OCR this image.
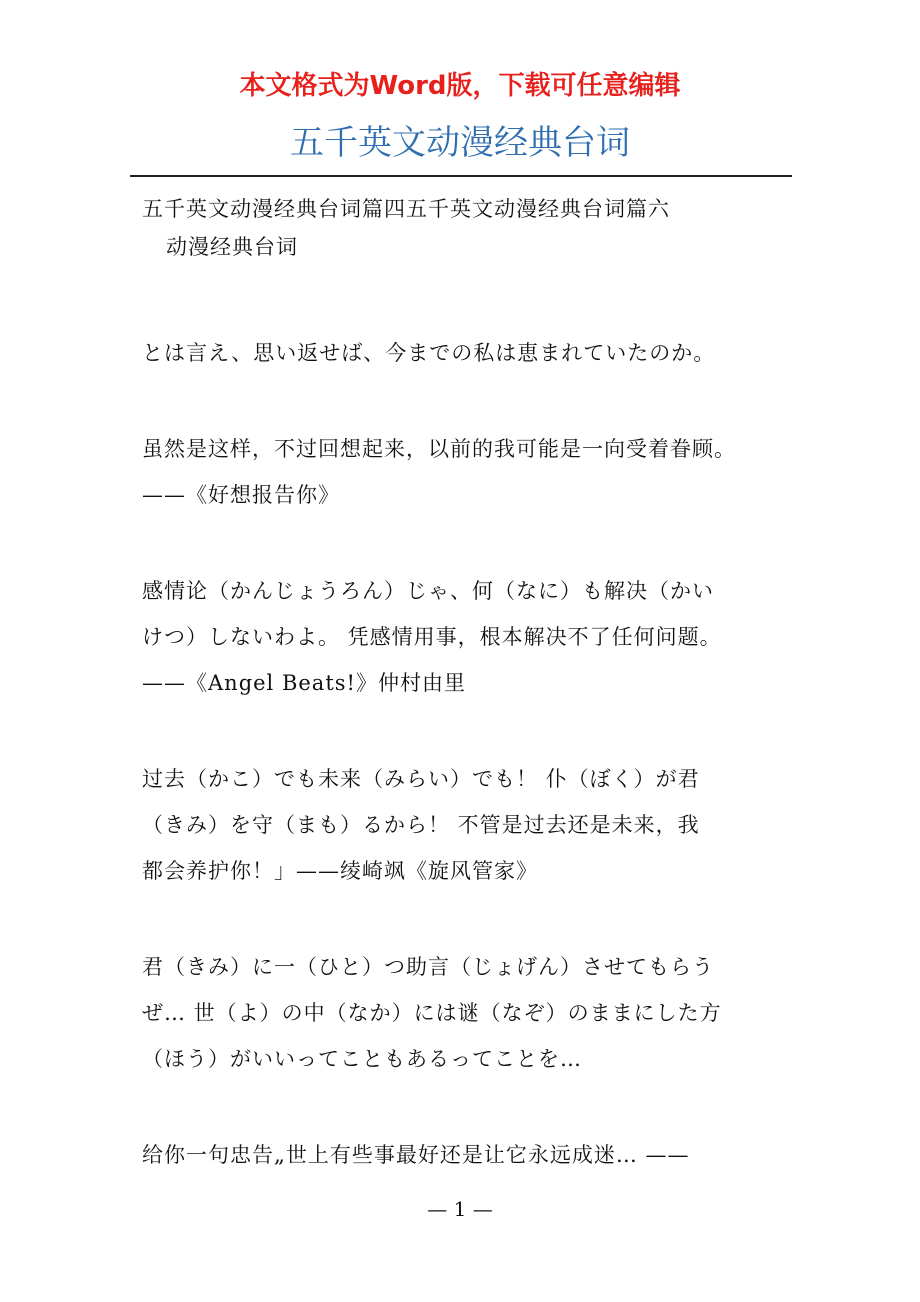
本文格式为Word版，下载可任意编辑
五千英文动漫经典台词
五千英文动漫经典台词篇四五千英文动漫经典台词篇六
动漫经典台词

とは言え、思い返せば、今までの私は恵まれていたのか。

虽然是这样，不过回想起来，以前的我可能是一向受着眷顾。
——《好想报告你》

感情论（かんじょうろん）じゃ、何（なに）も解决（かい
けつ）しないわよ。 凭感情用事，根本解决不了任何问题。
——《Angel Beats!》仲村由里

过去（かこ）でも未来（みらい）でも！ 仆（ぼく）が君
（きみ）を守（まも）るから！ 不管是过去还是未来，我
都会养护你！」——绫崎飒《旋风管家》

君（きみ）に一（ひと）つ助言（じょげん）させてもらう
ぜ… 世（よ）の中（なか）には谜（なぞ）のままにした方
（ほう）がいいってこともあるってことを…

给你一句忠告„世上有些事最好还是让它永远成迷… ——

— 1 —
